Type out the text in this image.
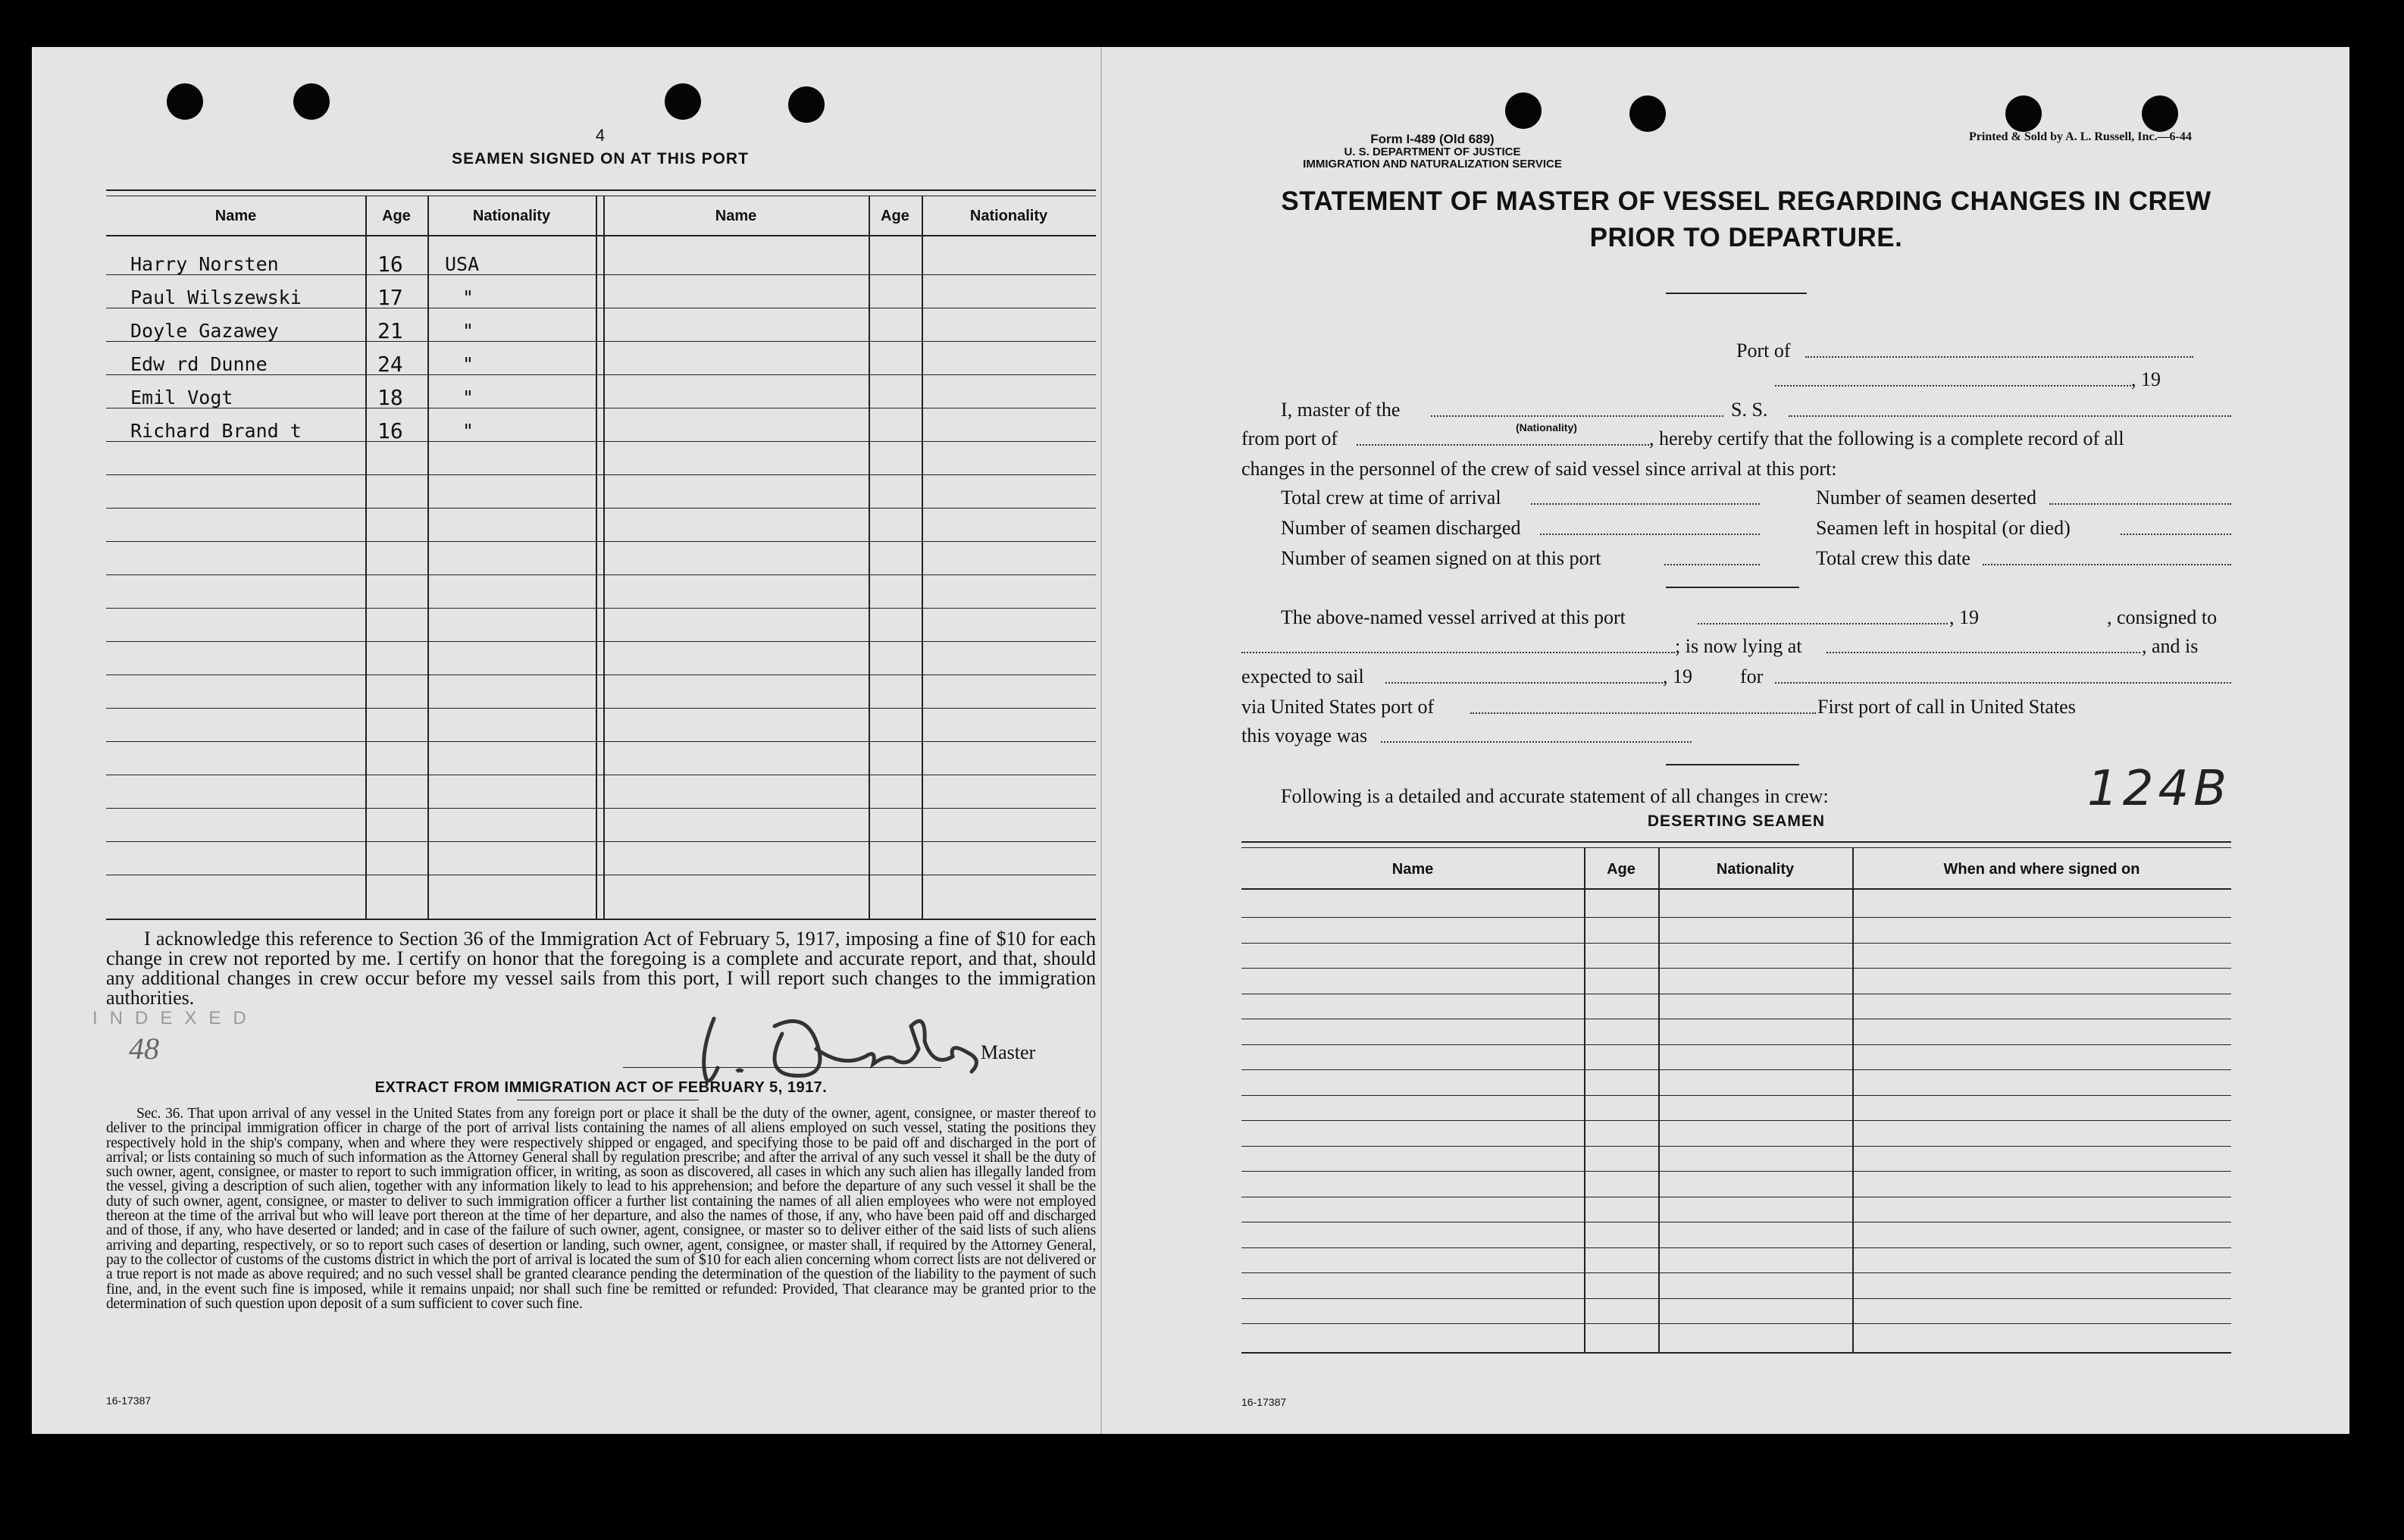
4
SEAMEN SIGNED ON AT THIS PORT
Name	Age	Nationality	Name	Age	Nationality
Harry Norsten	16 USA
Paul Wilszewski	17	"
Doyle Gazawey	21	"
Edw rd Dunne	24	"
Emil Vogt	18	"
Richard Brand t	16	"
I acknowledge this reference to Section 36 of the Immigration Act of February 5, 1917, imposing a fine of $10 for each change in crew not reported by me. I certify on honor that the foregoing is a complete and accurate report, and that, should any additional changes in crew occur before my vessel sails from this port, I will report such changes to the immigration authorities.
INDEXED
48	Master
EXTRACT FROM IMMIGRATION ACT OF FEBRUARY 5, 1917.
Sec. 36. That upon arrival of any vessel in the United States from any foreign port or place it shall be the duty of the owner, agent, consignee, or master thereof to deliver to the principal immigration officer in charge of the port of arrival lists containing the names of all aliens employed on such vessel, stating the positions they respectively hold in the ship's company, when and where they were respectively shipped or engaged, and specifying those to be paid off and discharged in the port of arrival; or lists containing so much of such information as the Attorney General shall by regulation prescribe; and after the arrival of any such vessel it shall be the duty of such owner, agent, consignee, or master to report to such immigration officer, in writing, as soon as discovered, all cases in which any such alien has illegally landed from the vessel, giving a description of such alien, together with any information likely to lead to his apprehension; and before the departure of any such vessel it shall be the duty of such owner, agent, consignee, or master to deliver to such immigration officer a further list containing the names of all alien employees who were not employed thereon at the time of the arrival but who will leave port thereon at the time of her departure, and also the names of those, if any, who have been paid off and discharged and of those, if any, who have deserted or landed; and in case of the failure of such owner, agent, consignee, or master so to deliver either of the said lists of such aliens arriving and departing, respectively, or so to report such cases of desertion or landing, such owner, agent, consignee, or master shall, if required by the Attorney General, pay to the collector of customs of the customs district in which the port of arrival is located the sum of $10 for each alien concerning whom correct lists are not delivered or a true report is not made as above required; and no such vessel shall be granted clearance pending the determination of the question of the liability to the payment of such fine, and, in the event such fine is imposed, while it remains unpaid; nor shall such fine be remitted or refunded: Provided, That clearance may be granted prior to the determination of such question upon deposit of a sum sufficient to cover such fine.
16-17387
Form I-489 (Old 689)
U. S. DEPARTMENT OF JUSTICE
IMMIGRATION AND NATURALIZATION SERVICE
Printed & Sold by A. L. Russell, Inc.—6-44
STATEMENT OF MASTER OF VESSEL REGARDING CHANGES IN CREW
PRIOR TO DEPARTURE.
Port of
, 19
I, master of the
(Nationality)
S. S.
from port of	, hereby certify that the following is a complete record of all
changes in the personnel of the crew of said vessel since arrival at this port:
Total crew at time of arrival	Number of seamen deserted
Number of seamen discharged	Seamen left in hospital (or died)
Number of seamen signed on at this port	Total crew this date
The above-named vessel arrived at this port	, 19	, consigned to
; is now lying at	, and is
expected to sail	, 19 for
via United States port of	First port of call in United States
this voyage was
Following is a detailed and accurate statement of all changes in crew:	124B
DESERTING SEAMEN
Name	Age	Nationality	When and where signed on
16-17387
